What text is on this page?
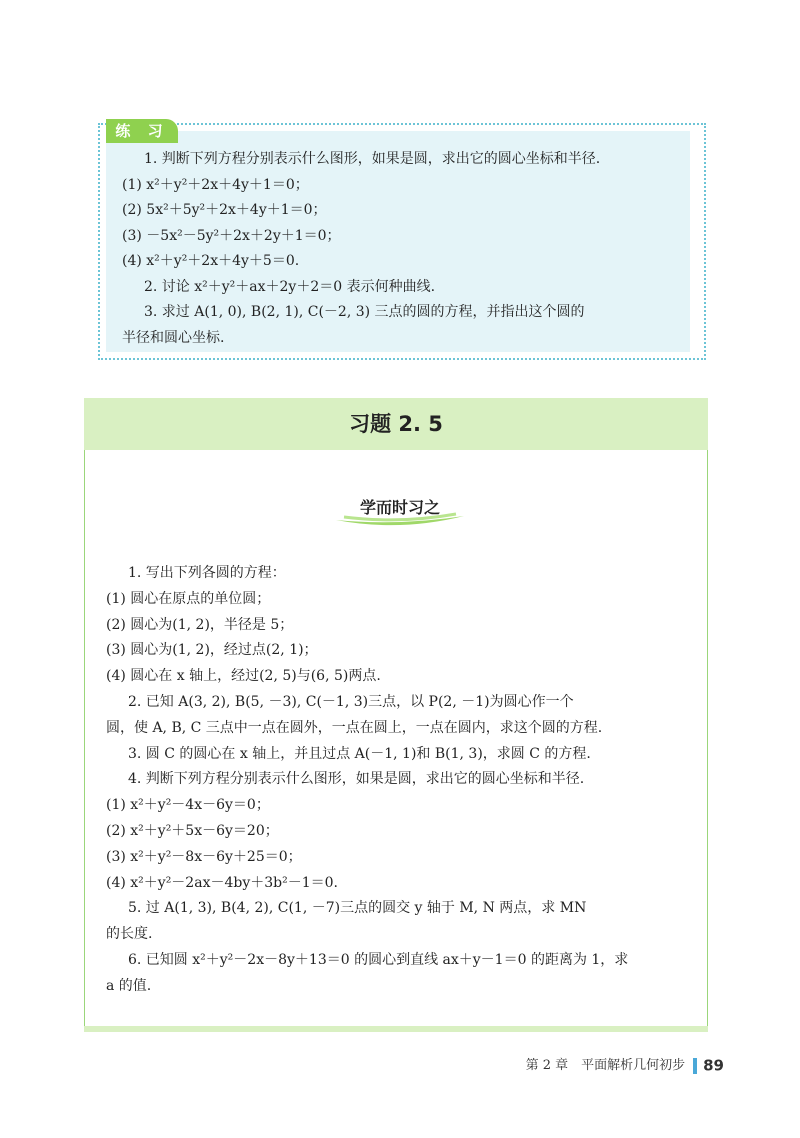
练 习
1. 判断下列方程分别表示什么图形，如果是圆，求出它的圆心坐标和半径.
(1) x²＋y²＋2x＋4y＋1＝0；
(2) 5x²＋5y²＋2x＋4y＋1＝0；
(3) －5x²－5y²＋2x＋2y＋1＝0；
(4) x²＋y²＋2x＋4y＋5＝0.
2. 讨论 x²＋y²＋ax＋2y＋2＝0 表示何种曲线.
3. 求过 A(1, 0), B(2, 1), C(－2, 3) 三点的圆的方程，并指出这个圆的
半径和圆心坐标.
习题 2. 5
学而时习之
1. 写出下列各圆的方程：
(1) 圆心在原点的单位圆；
(2) 圆心为(1, 2)，半径是 5；
(3) 圆心为(1, 2)，经过点(2, 1)；
(4) 圆心在 x 轴上，经过(2, 5)与(6, 5)两点.
2. 已知 A(3, 2), B(5, －3), C(－1, 3)三点，以 P(2, －1)为圆心作一个
圆，使 A, B, C 三点中一点在圆外，一点在圆上，一点在圆内，求这个圆的方程.
3. 圆 C 的圆心在 x 轴上，并且过点 A(－1, 1)和 B(1, 3)，求圆 C 的方程.
4. 判断下列方程分别表示什么图形，如果是圆，求出它的圆心坐标和半径.
(1) x²＋y²－4x－6y＝0；
(2) x²＋y²＋5x－6y＝20；
(3) x²＋y²－8x－6y＋25＝0；
(4) x²＋y²－2ax－4by＋3b²－1＝0.
5. 过 A(1, 3), B(4, 2), C(1, －7)三点的圆交 y 轴于 M, N 两点，求 MN
的长度.
6. 已知圆 x²＋y²－2x－8y＋13＝0 的圆心到直线 ax＋y－1＝0 的距离为 1，求
a 的值.
第 2 章　平面解析几何初步 89
